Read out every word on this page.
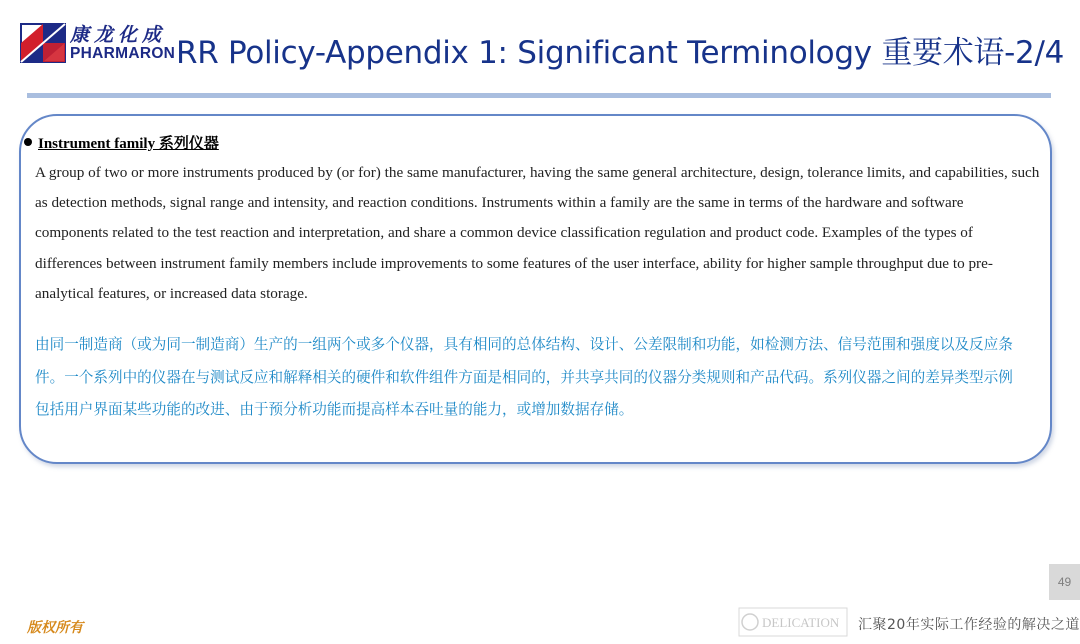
康龙化成
PHARMARON RR Policy-Appendix 1: Significant Terminology 重要术语-2/4
Instrument family 系列仪器
A group of two or more instruments produced by (or for) the same manufacturer, having the same general architecture, design, tolerance limits, and capabilities, such as detection methods, signal range and intensity, and reaction conditions. Instruments within a family are the same in terms of the hardware and software components related to the test reaction and interpretation, and share a common device classification regulation and product code. Examples of the types of differences between instrument family members include improvements to some features of the user interface, ability for higher sample throughput due to pre-analytical features, or increased data storage.
由同一制造商（或为同一制造商）生产的一组两个或多个仪器，具有相同的总体结构、设计、公差限制和功能，如检测方法、信号范围和强度以及反应条件。一个系列中的仪器在与测试反应和解释相关的硬件和软件组件方面是相同的，并共享共同的仪器分类规则和产品代码。系列仪器之间的差异类型示例包括用户界面某些功能的改进、由于预分析功能而提高样本吞吐量的能力，或增加数据存储。
49
版权所有	DELICATION 汇聚20年实际工作经验的解决之道
